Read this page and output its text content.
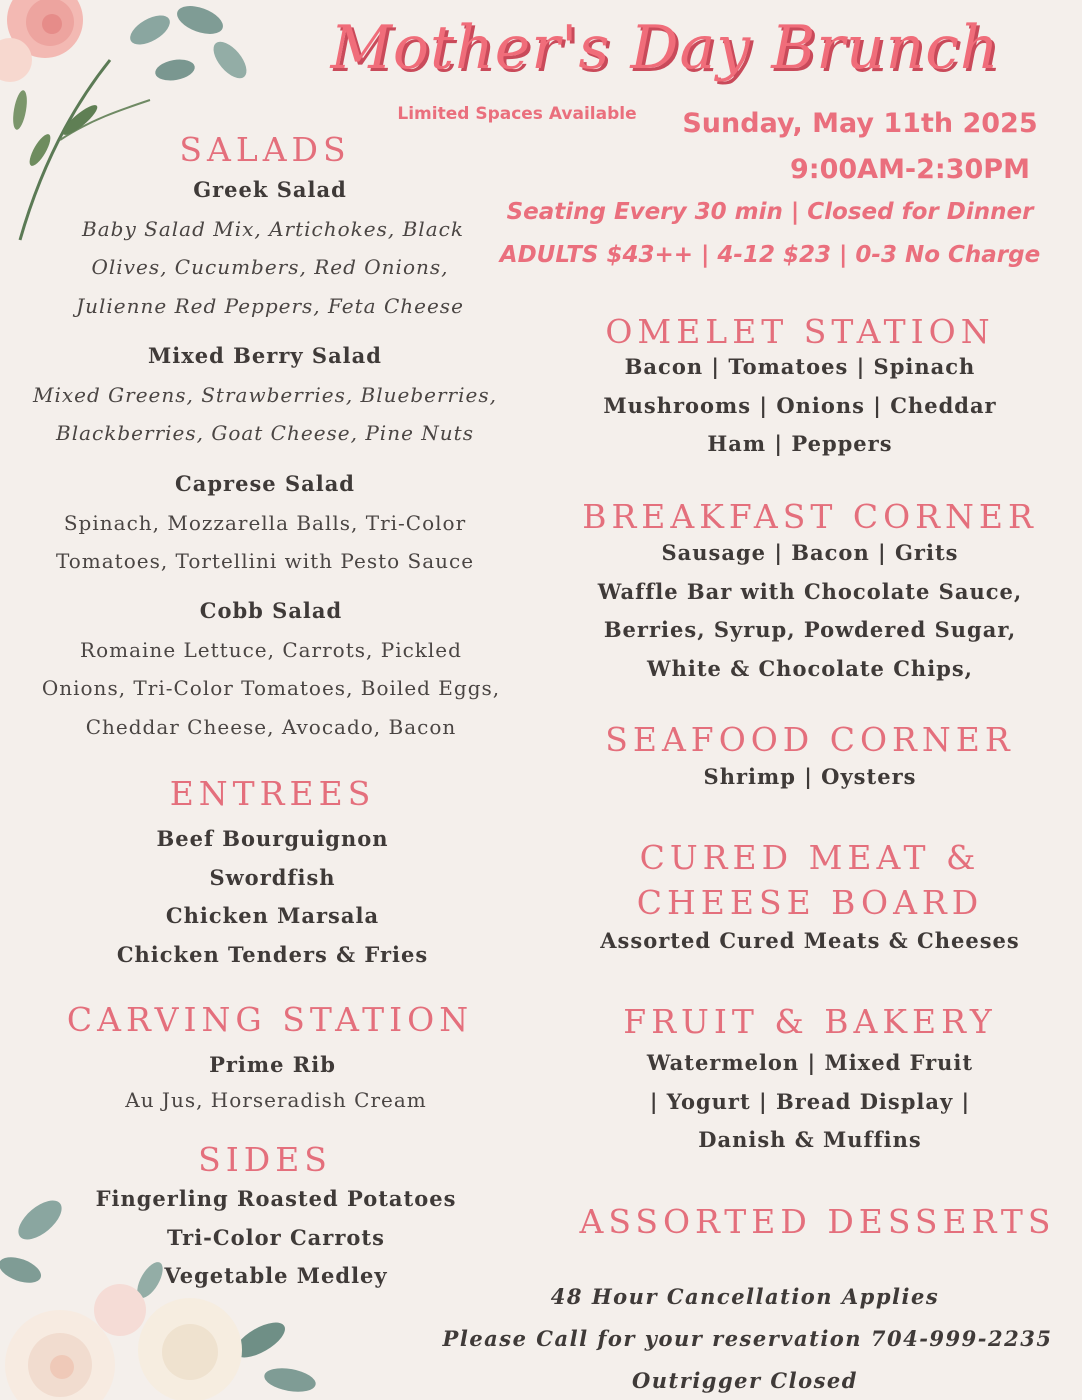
Mother's Day Brunch
Limited Spaces Available	Sunday, May 11th 2025
9:00AM-2:30PM
Seating Every 30 min | Closed for Dinner
ADULTS $43++ | 4-12 $23 | 0-3 No Charge
SALADS
Greek Salad
Baby Salad Mix, Artichokes, Black
Olives, Cucumbers, Red Onions,
Julienne Red Peppers, Feta Cheese
Mixed Berry Salad
Mixed Greens, Strawberries, Blueberries,
Blackberries, Goat Cheese, Pine Nuts
Caprese Salad
Spinach, Mozzarella Balls, Tri-Color
Tomatoes, Tortellini with Pesto Sauce
Cobb Salad
Romaine Lettuce, Carrots, Pickled
Onions, Tri-Color Tomatoes, Boiled Eggs,
Cheddar Cheese, Avocado, Bacon
ENTREES
Beef Bourguignon
Swordfish
Chicken Marsala
Chicken Tenders & Fries
CARVING STATION
Prime Rib
Au Jus, Horseradish Cream
SIDES
Fingerling Roasted Potatoes
Tri-Color Carrots
Vegetable Medley
OMELET STATION
Bacon | Tomatoes | Spinach
Mushrooms | Onions | Cheddar
Ham | Peppers
BREAKFAST CORNER
Sausage | Bacon | Grits
Waffle Bar with Chocolate Sauce,
Berries, Syrup, Powdered Sugar,
White & Chocolate Chips,
SEAFOOD CORNER
Shrimp | Oysters
CURED MEAT &
CHEESE BOARD
Assorted Cured Meats & Cheeses
FRUIT & BAKERY
Watermelon | Mixed Fruit
| Yogurt | Bread Display |
Danish & Muffins
ASSORTED DESSERTS
48 Hour Cancellation Applies
Please Call for your reservation 704-999-2235
Outrigger Closed
